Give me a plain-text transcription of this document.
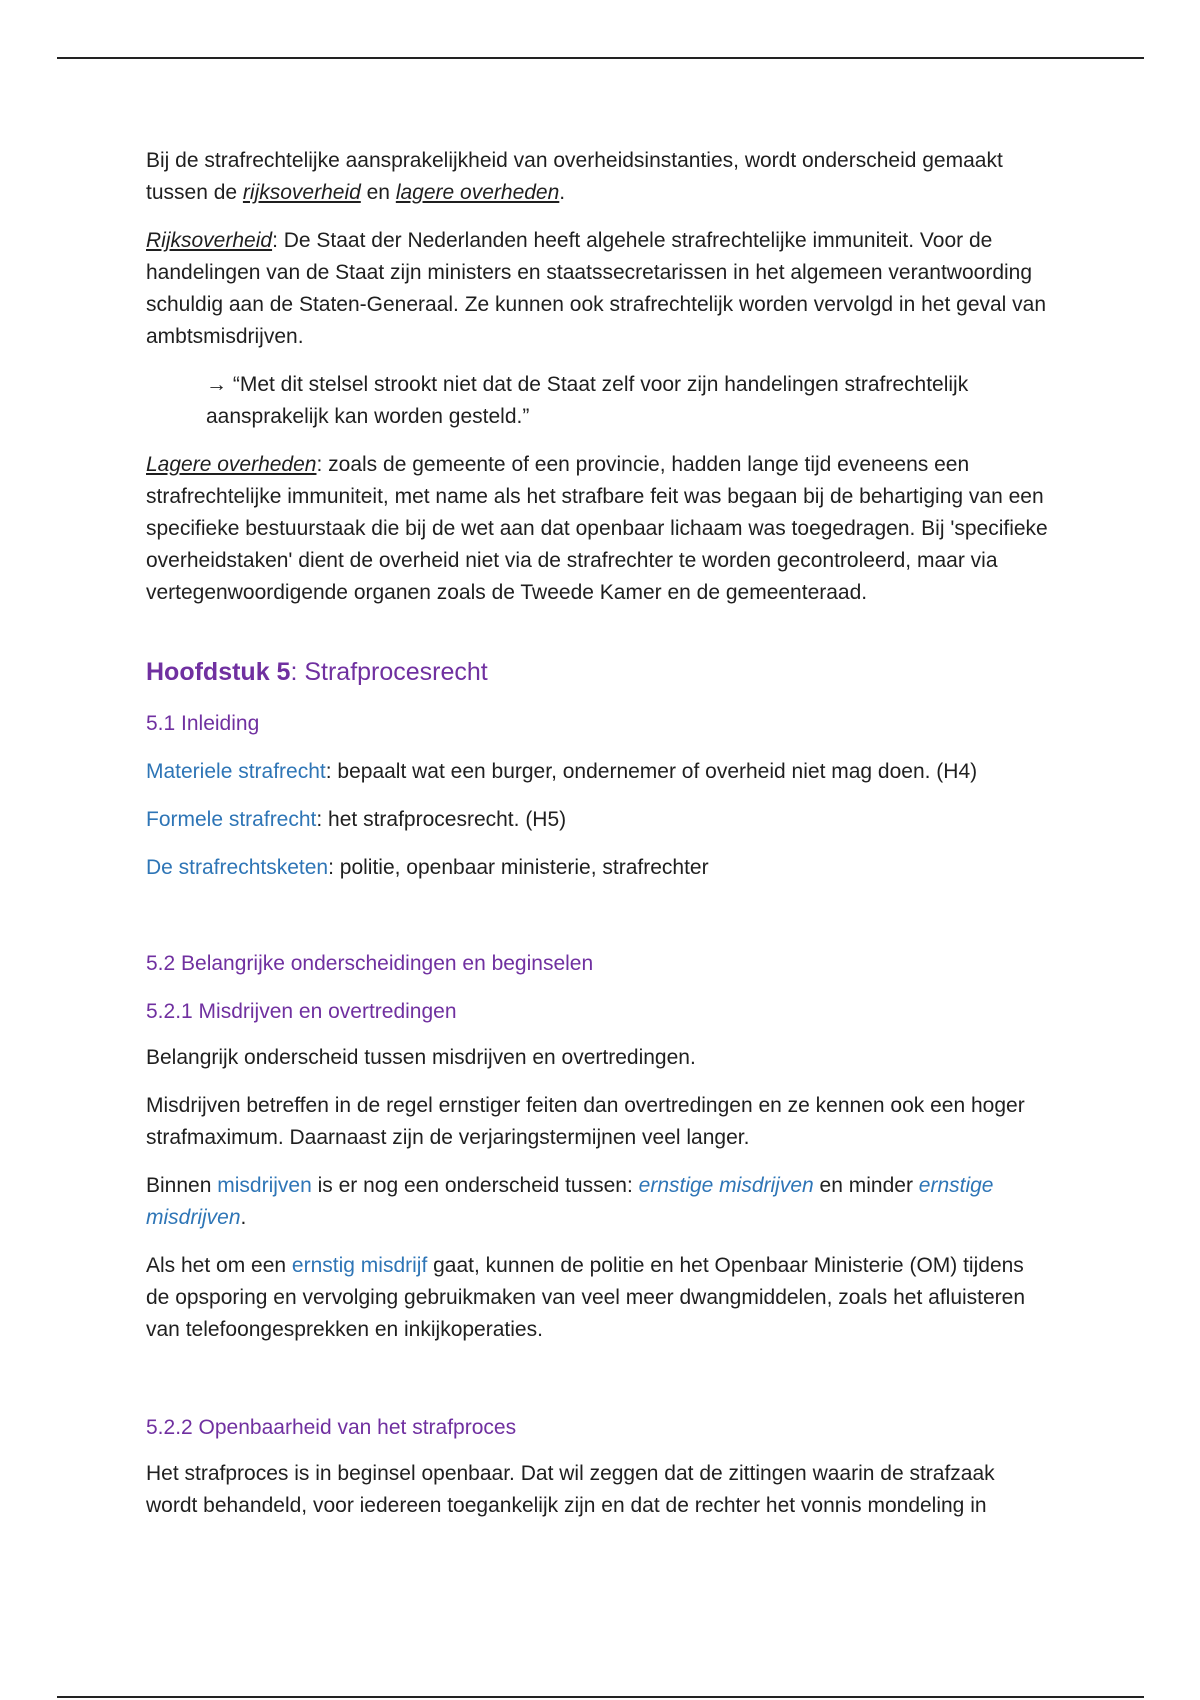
Bij de strafrechtelijke aansprakelijkheid van overheidsinstanties, wordt onderscheid gemaakt tussen de rijksoverheid en lagere overheden.

Rijksoverheid: De Staat der Nederlanden heeft algehele strafrechtelijke immuniteit. Voor de handelingen van de Staat zijn ministers en staatssecretarissen in het algemeen verantwoording schuldig aan de Staten-Generaal. Ze kunnen ook strafrechtelijk worden vervolgd in het geval van ambtsmisdrijven.

→ “Met dit stelsel strookt niet dat de Staat zelf voor zijn handelingen strafrechtelijk aansprakelijk kan worden gesteld.”

Lagere overheden: zoals de gemeente of een provincie, hadden lange tijd eveneens een strafrechtelijke immuniteit, met name als het strafbare feit was begaan bij de behartiging van een specifieke bestuurstaak die bij de wet aan dat openbaar lichaam was toegedragen. Bij 'specifieke overheidstaken' dient de overheid niet via de strafrechter te worden gecontroleerd, maar via vertegenwoordigende organen zoals de Tweede Kamer en de gemeenteraad.

Hoofdstuk 5: Strafprocesrecht

5.1 Inleiding

Materiele strafrecht: bepaalt wat een burger, ondernemer of overheid niet mag doen. (H4)

Formele strafrecht: het strafprocesrecht. (H5)

De strafrechtsketen: politie, openbaar ministerie, strafrechter

5.2 Belangrijke onderscheidingen en beginselen

5.2.1 Misdrijven en overtredingen

Belangrijk onderscheid tussen misdrijven en overtredingen.

Misdrijven betreffen in de regel ernstiger feiten dan overtredingen en ze kennen ook een hoger strafmaximum. Daarnaast zijn de verjaringstermijnen veel langer.

Binnen misdrijven is er nog een onderscheid tussen: ernstige misdrijven en minder ernstige misdrijven.

Als het om een ernstig misdrijf gaat, kunnen de politie en het Openbaar Ministerie (OM) tijdens de opsporing en vervolging gebruikmaken van veel meer dwangmiddelen, zoals het afluisteren van telefoongesprekken en inkijkoperaties.

5.2.2 Openbaarheid van het strafproces

Het strafproces is in beginsel openbaar. Dat wil zeggen dat de zittingen waarin de strafzaak wordt behandeld, voor iedereen toegankelijk zijn en dat de rechter het vonnis mondeling in
